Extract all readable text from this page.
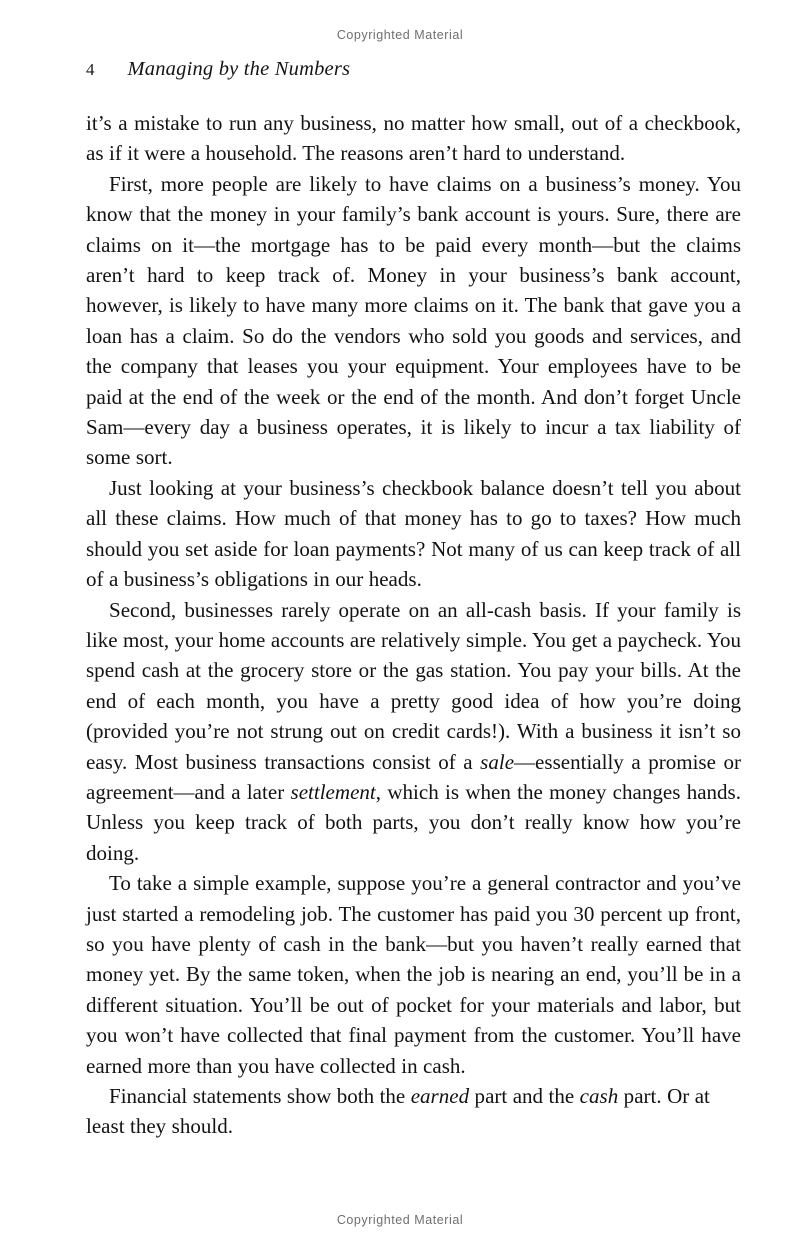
Copyrighted Material
4 Managing by the Numbers

it’s a mistake to run any business, no matter how small, out of a checkbook, as if it were a household. The reasons aren’t hard to understand.

First, more people are likely to have claims on a business’s money. You know that the money in your family’s bank account is yours. Sure, there are claims on it—the mortgage has to be paid every month—but the claims aren’t hard to keep track of. Money in your business’s bank account, however, is likely to have many more claims on it. The bank that gave you a loan has a claim. So do the vendors who sold you goods and services, and the company that leases you your equipment. Your employees have to be paid at the end of the week or the end of the month. And don’t forget Uncle Sam—every day a business operates, it is likely to incur a tax liability of some sort.

Just looking at your business’s checkbook balance doesn’t tell you about all these claims. How much of that money has to go to taxes? How much should you set aside for loan payments? Not many of us can keep track of all of a business’s obligations in our heads.

Second, businesses rarely operate on an all-cash basis. If your family is like most, your home accounts are relatively simple. You get a paycheck. You spend cash at the grocery store or the gas station. You pay your bills. At the end of each month, you have a pretty good idea of how you’re doing (provided you’re not strung out on credit cards!). With a business it isn’t so easy. Most business transactions consist of a sale—essentially a promise or agreement—and a later settlement, which is when the money changes hands. Unless you keep track of both parts, you don’t really know how you’re doing.

To take a simple example, suppose you’re a general contractor and you’ve just started a remodeling job. The customer has paid you 30 percent up front, so you have plenty of cash in the bank—but you haven’t really earned that money yet. By the same token, when the job is nearing an end, you’ll be in a different situation. You’ll be out of pocket for your materials and labor, but you won’t have collected that final payment from the customer. You’ll have earned more than you have collected in cash.

Financial statements show both the earned part and the cash part. Or at least they should.

Copyrighted Material
